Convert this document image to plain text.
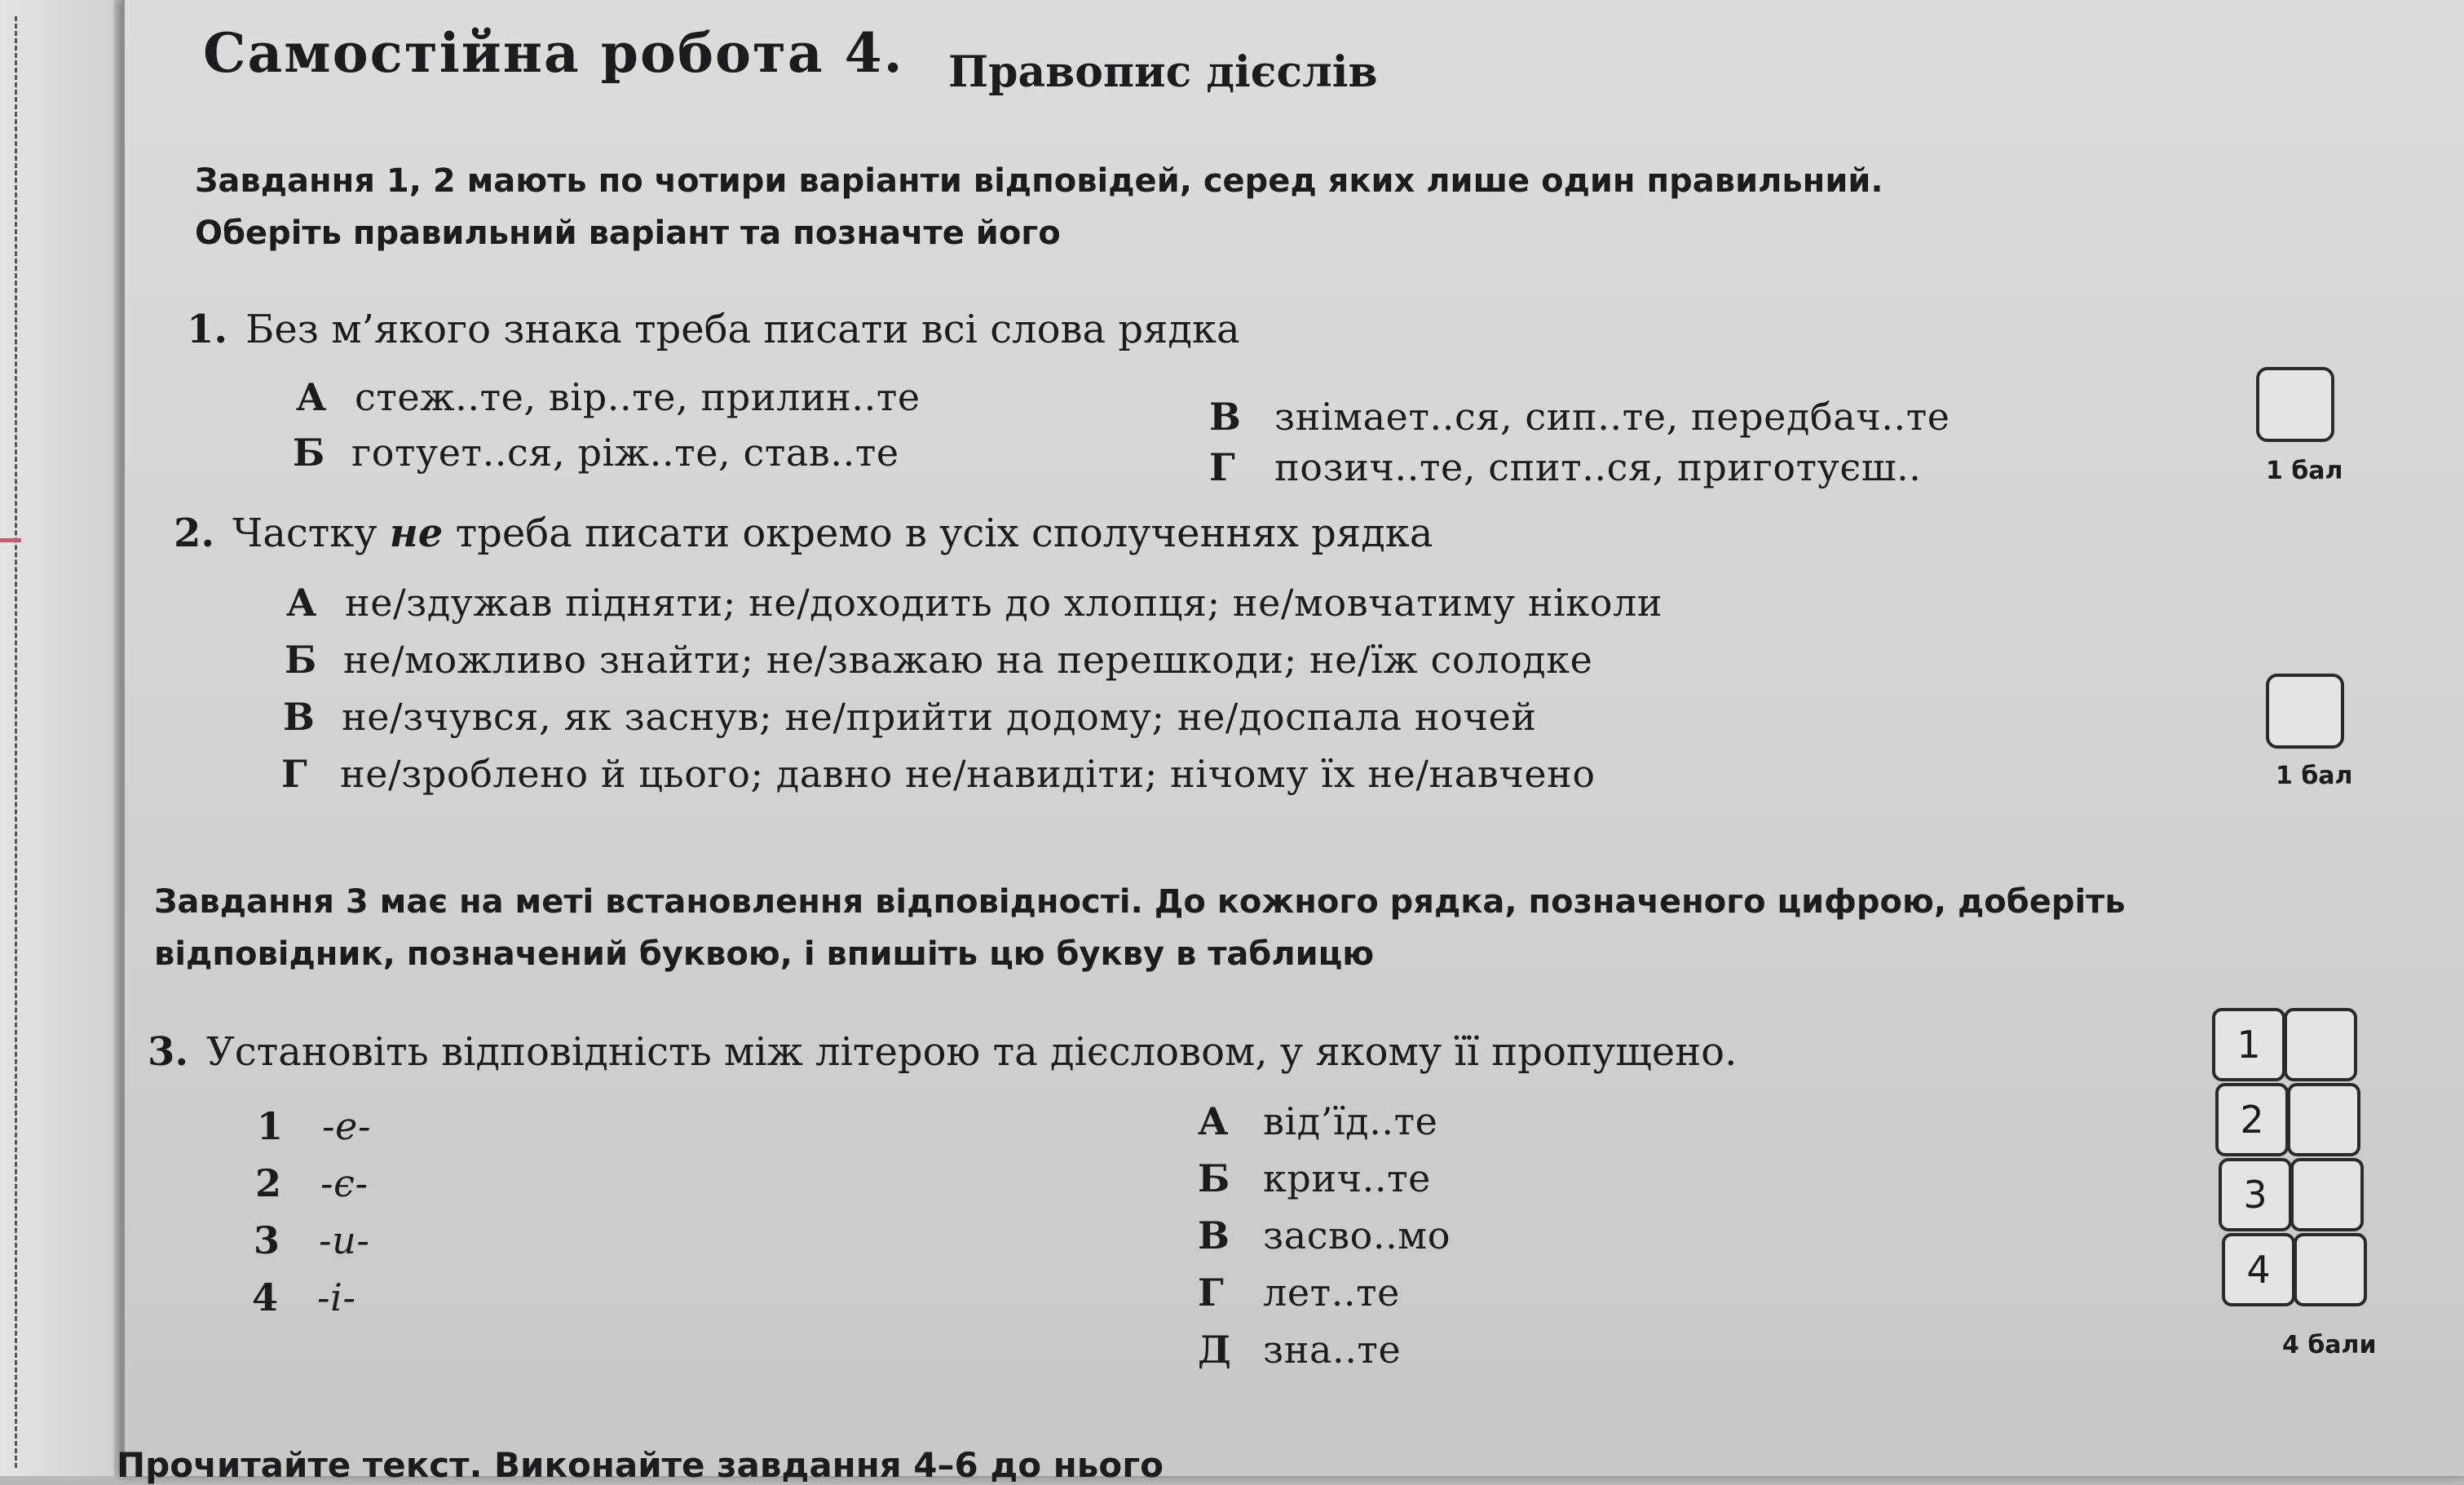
Самостійна робота 4. Правопис дієслів
Завдання 1, 2 мають по чотири варіанти відповідей, серед яких лише один правильний.
Оберіть правильний варіант та позначте його
1. Без м’якого знака треба писати всі слова рядка
А стеж..те, вір..те, прилин..те
Б готует..ся, ріж..те, став..те
В знімает..ся, сип..те, передбач..те
Г позич..те, спит..ся, приготуєш..	1 бал
2. Частку не треба писати окремо в усіх сполученнях рядка
А не/здужав підняти; не/доходить до хлопця; не/мовчатиму ніколи
Б не/можливо знайти; не/зважаю на перешкоди; не/їж солодке
В не/зчувся, як заснув; не/прийти додому; не/доспала ночей
Г не/зроблено й цього; давно не/навидіти; нічому їх не/навчено	1 бал
Завдання 3 має на меті встановлення відповідності. До кожного рядка, позначеного цифрою, доберіть
відповідник, позначений буквою, і впишіть цю букву в таблицю
3. Установіть відповідність між літерою та дієсловом, у якому її пропущено.
1 -е-
2 -є-
3 -и-
4 -і-
А від’їд..те
Б крич..те
В засво..мо
Г лет..те
Д зна..те
1
2
3
4
4 бали
Прочитайте текст. Виконайте завдання 4–6 до нього
